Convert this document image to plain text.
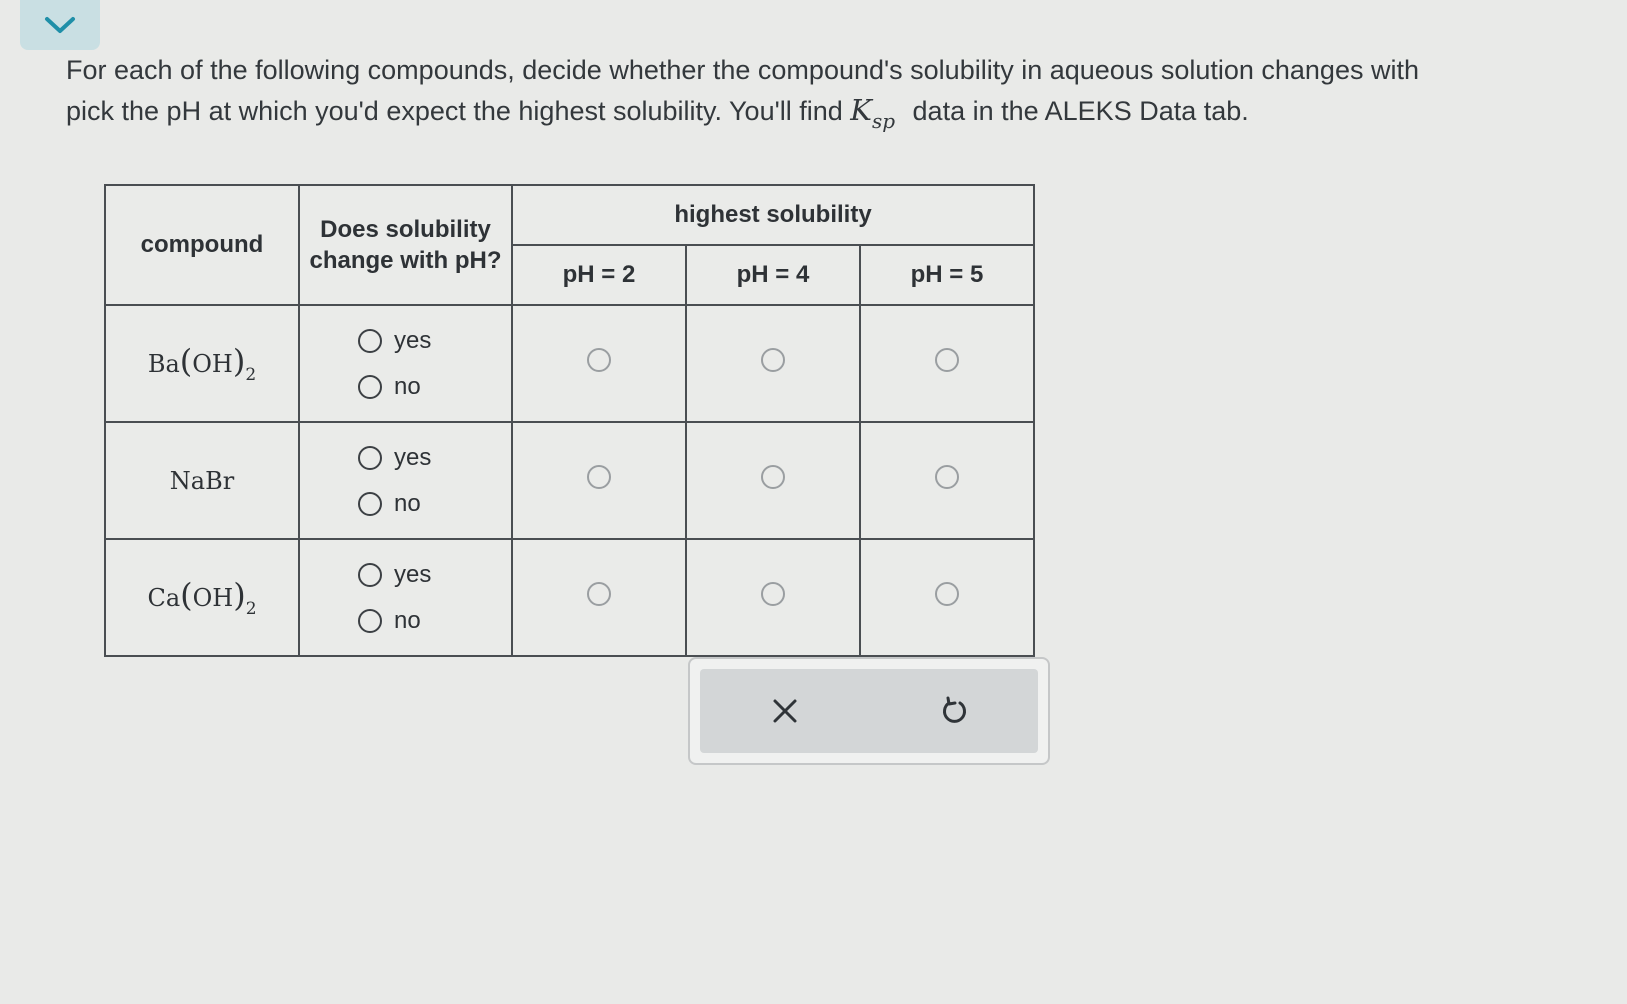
For each of the following compounds, decide whether the compound's solubility in aqueous solution changes with
pick the pH at which you'd expect the highest solubility. You'll find $K_{sp}$ data in the ALEKS Data tab.
compound	Does solubility change with pH?	highest solubility		
		pH = 2	pH = 4	pH = 5
$Ba(OH)_2$	yes
no			

NaBr	yes
no			

$Ca(OH)_2$	yes
no			
